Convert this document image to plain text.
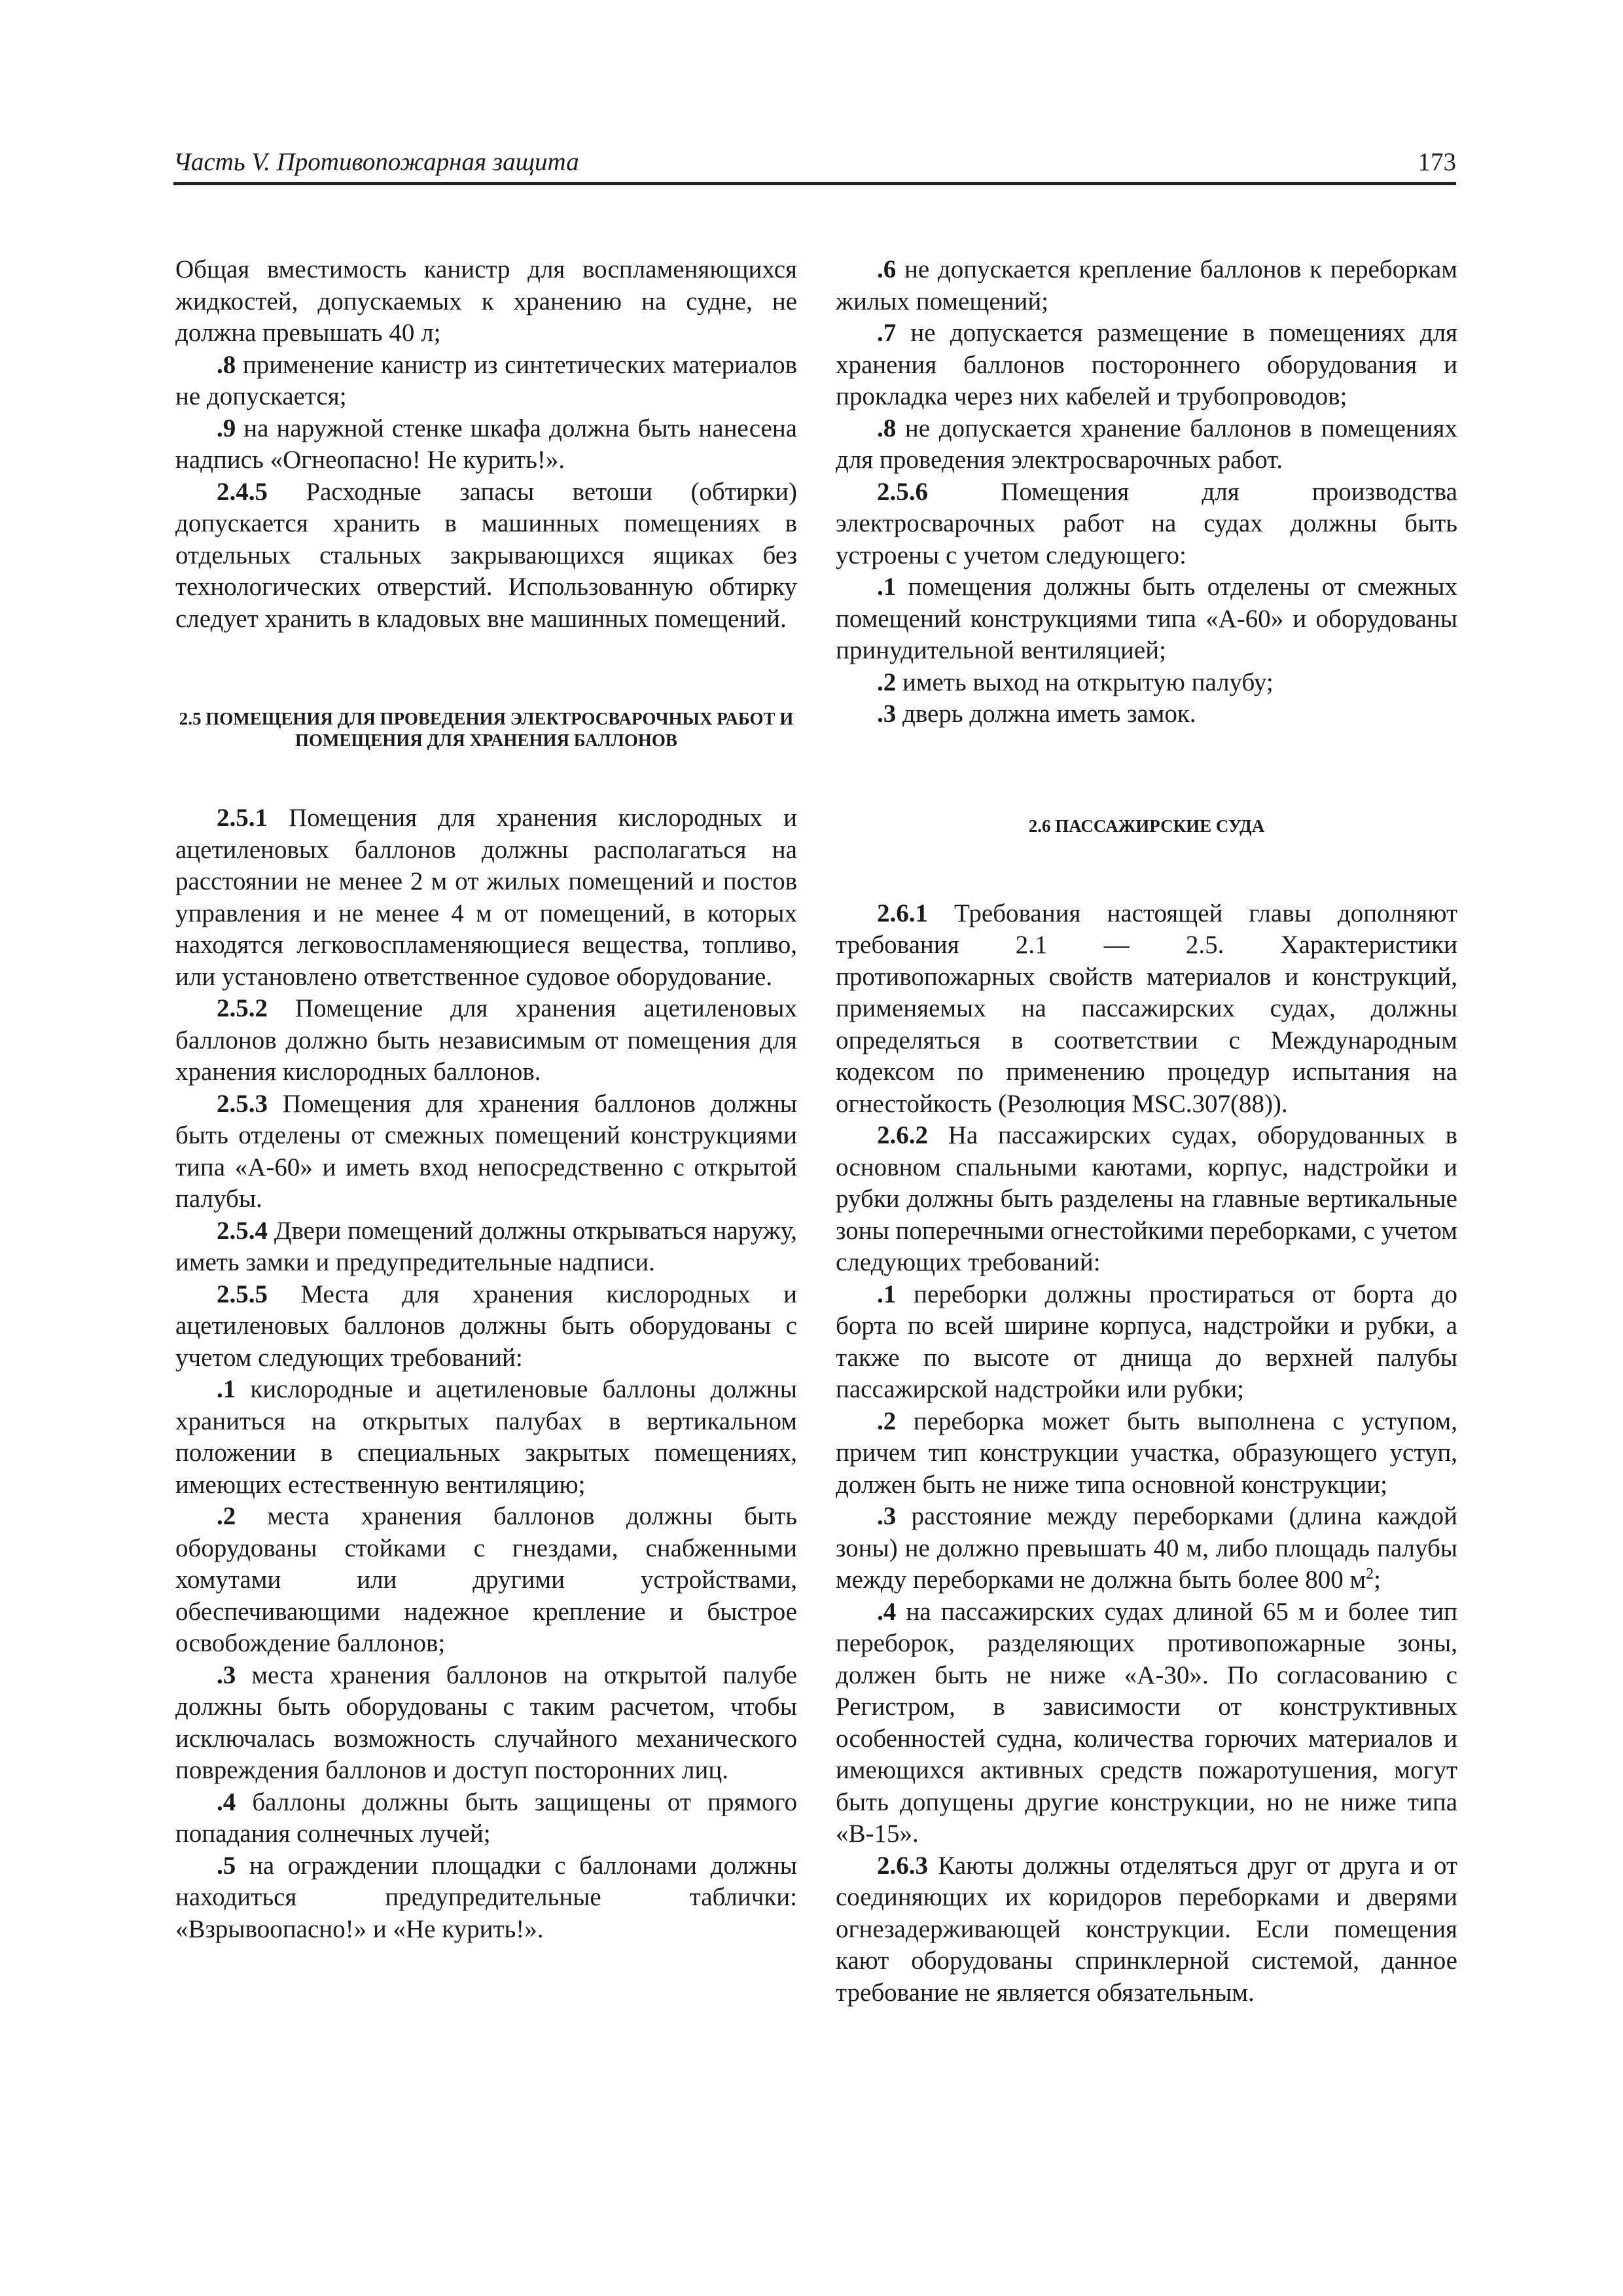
Часть V. Противопожарная защита	173

Общая вместимость канистр для воспламеняющихся жидкостей, допускаемых к хранению на судне, не должна превышать 40 л;

.8 применение канистр из синтетических материалов не допускается;

.9 на наружной стенке шкафа должна быть нанесена надпись «Огнеопасно! Не курить!».

2.4.5 Расходные запасы ветоши (обтирки) допускается хранить в машинных помещениях в отдельных стальных закрывающихся ящиках без технологических отверстий. Использованную обтирку следует хранить в кладовых вне машинных помещений.

2.5 ПОМЕЩЕНИЯ ДЛЯ ПРОВЕДЕНИЯ ЭЛЕКТРОСВАРОЧНЫХ РАБОТ И ПОМЕЩЕНИЯ ДЛЯ ХРАНЕНИЯ БАЛЛОНОВ

2.5.1 Помещения для хранения кислородных и ацетиленовых баллонов должны располагаться на расстоянии не менее 2 м от жилых помещений и постов управления и не менее 4 м от помещений, в которых находятся легковоспламеняющиеся вещества, топливо, или установлено ответственное судовое оборудование.

2.5.2 Помещение для хранения ацетиленовых баллонов должно быть независимым от помещения для хранения кислородных баллонов.

2.5.3 Помещения для хранения баллонов должны быть отделены от смежных помещений конструкциями типа «А-60» и иметь вход непосредственно с открытой палубы.

2.5.4 Двери помещений должны открываться наружу, иметь замки и предупредительные надписи.

2.5.5 Места для хранения кислородных и ацетиленовых баллонов должны быть оборудованы с учетом следующих требований:

.1 кислородные и ацетиленовые баллоны должны храниться на открытых палубах в вертикальном положении в специальных закрытых помещениях, имеющих естественную вентиляцию;

.2 места хранения баллонов должны быть оборудованы стойками с гнездами, снабженными хомутами или другими устройствами, обеспечивающими надежное крепление и быстрое освобождение баллонов;

.3 места хранения баллонов на открытой палубе должны быть оборудованы с таким расчетом, чтобы исключалась возможность случайного механического повреждения баллонов и доступ посторонних лиц.

.4 баллоны должны быть защищены от прямого попадания солнечных лучей;

.5 на ограждении площадки с баллонами должны находиться предупредительные таблички: «Взрывоопасно!» и «Не курить!».

.6 не допускается крепление баллонов к переборкам жилых помещений;

.7 не допускается размещение в помещениях для хранения баллонов постороннего оборудования и прокладка через них кабелей и трубопроводов;

.8 не допускается хранение баллонов в помещениях для проведения электросварочных работ.

2.5.6 Помещения для производства электросварочных работ на судах должны быть устроены с учетом следующего:

.1 помещения должны быть отделены от смежных помещений конструкциями типа «А-60» и оборудованы принудительной вентиляцией;

.2 иметь выход на открытую палубу;

.3 дверь должна иметь замок.

2.6 ПАССАЖИРСКИЕ СУДА

2.6.1 Требования настоящей главы дополняют требования 2.1 — 2.5. Характеристики противопожарных свойств материалов и конструкций, применяемых на пассажирских судах, должны определяться в соответствии с Международным кодексом по применению процедур испытания на огнестойкость (Резолюция MSC.307(88)).

2.6.2 На пассажирских судах, оборудованных в основном спальными каютами, корпус, надстройки и рубки должны быть разделены на главные вертикальные зоны поперечными огнестойкими переборками, с учетом следующих требований:

.1 переборки должны простираться от борта до борта по всей ширине корпуса, надстройки и рубки, а также по высоте от днища до верхней палубы пассажирской надстройки или рубки;

.2 переборка может быть выполнена с уступом, причем тип конструкции участка, образующего уступ, должен быть не ниже типа основной конструкции;

.3 расстояние между переборками (длина каждой зоны) не должно превышать 40 м, либо площадь палубы между переборками не должна быть более 800 $м^2$;

.4 на пассажирских судах длиной 65 м и более тип переборок, разделяющих противопожарные зоны, должен быть не ниже «А-30». По согласованию с Регистром, в зависимости от конструктивных особенностей судна, количества горючих материалов и имеющихся активных средств пожаротушения, могут быть допущены другие конструкции, но не ниже типа «В-15».

2.6.3 Каюты должны отделяться друг от друга и от соединяющих их коридоров переборками и дверями огнезадерживающей конструкции. Если помещения кают оборудованы спринклерной системой, данное требование не является обязательным.
